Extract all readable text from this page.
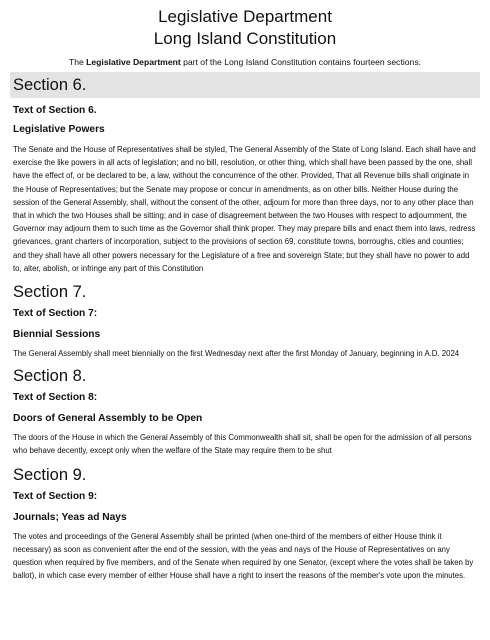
Legislative Department
Long Island Constitution

The Legislative Department part of the Long Island Constitution contains fourteen sections.

Section 6.
Text of Section 6.
Legislative Powers

The Senate and the House of Representatives shall be styled, The General Assembly of the State of Long Island. Each shall have and exercise the like powers in all acts of legislation; and no bill, resolution, or other thing, which shall have been passed by the one, shall have the effect of, or be declared to be, a law, without the concurrence of the other. Provided, That all Revenue bills shall originate in the House of Representatives; but the Senate may propose or concur in amendments, as on other bills. Neither House during the session of the General Assembly, shall, without the consent of the other, adjourn for more than three days, nor to any other place than that in which the two Houses shall be sitting; and in case of disagreement between the two Houses with respect to adjournment, the Governor may adjourn them to such time as the Governor shall think proper. They may prepare bills and enact them into laws, redress grievances, grant charters of incorporation, subject to the provisions of section 69, constitute towns, borroughs, cities and counties; and they shall have all other powers necessary for the Legislature of a free and sovereign State; but they shall have no power to add to, alter, abolish, or infringe any part of this Constitution

Section 7.
Text of Section 7:
Biennial Sessions

The General Assembly shall meet biennially on the first Wednesday next after the first Monday of January, beginning in A.D. 2024

Section 8.
Text of Section 8:
Doors of General Assembly to be Open

The doors of the House in which the General Assembly of this Commonwealth shall sit, shall be open for the admission of all persons who behave decently, except only when the welfare of the State may require them to be shut

Section 9.
Text of Section 9:
Journals; Yeas ad Nays

The votes and proceedings of the General Assembly shall be printed (when one-third of the members of either House think it necessary) as soon as convenient after the end of the session, with the yeas and nays of the House of Representatives on any question when required by five members, and of the Senate when required by one Senator, (except where the votes shall be taken by ballot), in which case every member of either House shall have a right to insert the reasons of the member's vote upon the minutes.
